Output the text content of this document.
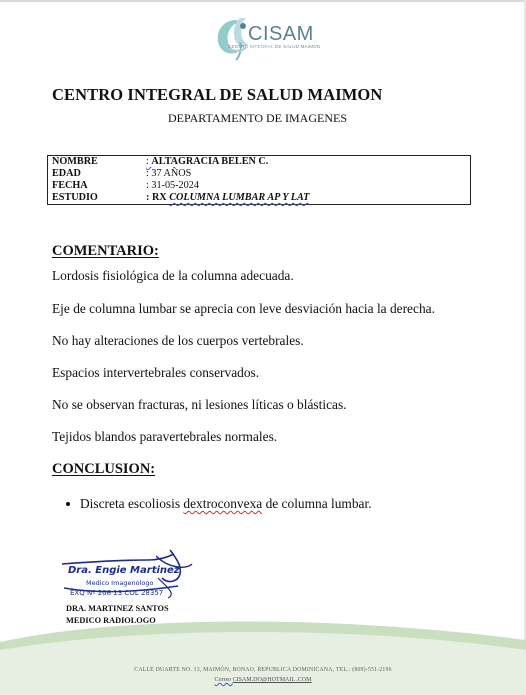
CISAM
CENTRO INTEGRAL DE SALUD MAIMON
CENTRO INTEGRAL DE SALUD MAIMON
DEPARTAMENTO DE IMAGENES
NOMBRE	: ALTAGRACIA BELEN C.
EDAD	: 37 AÑOS
FECHA	: 31-05-2024
ESTUDIO	: RX COLUMNA LUMBAR AP Y LAT
COMENTARIO:
Lordosis fisiológica de la columna adecuada.
Eje de columna lumbar se aprecia con leve desviación hacia la derecha.
No hay alteraciones de los cuerpos vertebrales.
Espacios intervertebrales conservados.
No se observan fracturas, ni lesiones líticas o blásticas.
Tejidos blandos paravertebrales normales.
CONCLUSION:
Discreta escoliosis dextroconvexa de columna lumbar.
Dra. Engie Martinez
Medico Imagenologo
EXQ Nº 208 13 COL 28357
DRA. MARTINEZ SANTOS
MEDICO RADIOLOGO
CALLE DUARTE NO. 13, MAIMÓN, BONAO, REPUBLICA DOMINICANA, TEL.: (809)-551-2196
Correo CISAM.DO@HOTMAIL .COM
